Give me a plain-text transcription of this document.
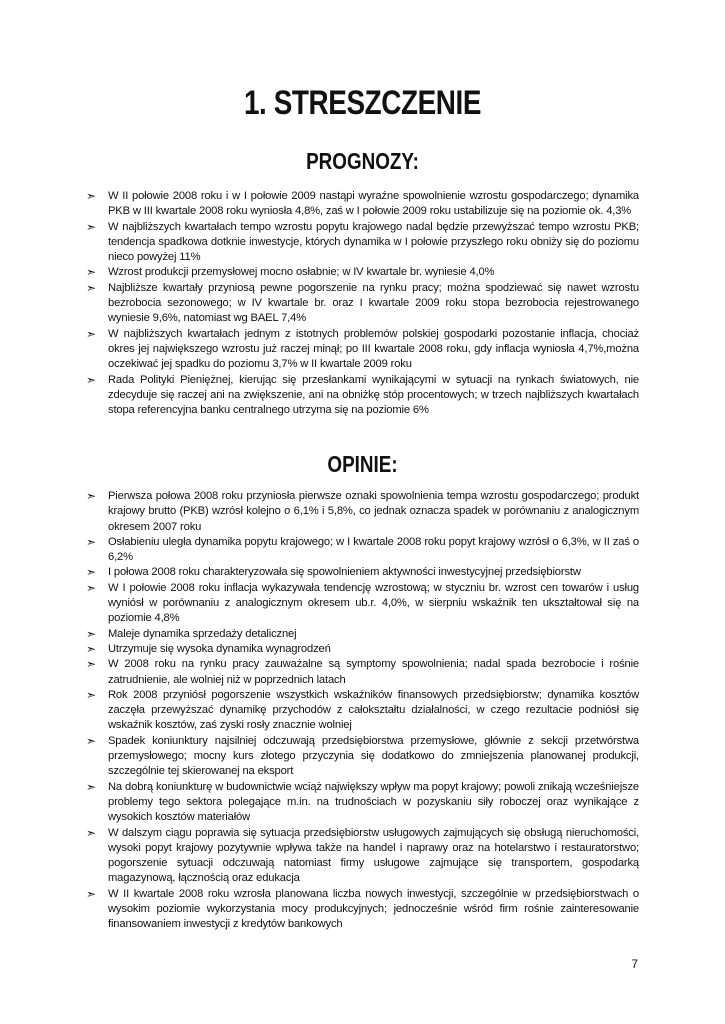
1. STRESZCZENIE
PROGNOZY:
➣ W II połowie 2008 roku i w I połowie 2009 nastąpi wyraźne spowolnienie wzrostu gospodarczego; dynamika PKB w III kwartale 2008 roku wyniosła 4,8%, zaś w I połowie 2009 roku ustabilizuje się na poziomie ok. 4,3%
➣ W najbliższych kwartałach tempo wzrostu popytu krajowego nadal będzie przewyższać tempo wzrostu PKB; tendencja spadkowa dotknie inwestycje, których dynamika w I połowie przyszłego roku obniży się do poziomu nieco powyżej 11%
➣ Wzrost produkcji przemysłowej mocno osłabnie; w IV kwartale br. wyniesie 4,0%
➣ Najbliższe kwartały przyniosą pewne pogorszenie na rynku pracy; można spodziewać się nawet wzrostu bezrobocia sezonowego; w IV kwartale br. oraz I kwartale 2009 roku stopa bezrobocia rejestrowanego wyniesie 9,6%, natomiast wg BAEL 7,4%
➣ W najbliższych kwartałach jednym z istotnych problemów polskiej gospodarki pozostanie inflacja, chociaż okres jej największego wzrostu już raczej minął; po III kwartale 2008 roku, gdy inflacja wyniosła 4,7%,można oczekiwać jej spadku do poziomu 3,7% w II kwartale 2009 roku
➣ Rada Polityki Pieniężnej, kierując się przesłankami wynikającymi w sytuacji na rynkach światowych, nie zdecyduje się raczej ani na zwiększenie, ani na obniżkę stóp procentowych; w trzech najbliższych kwartałach stopa referencyjna banku centralnego utrzyma się na poziomie 6%
OPINIE:
➣ Pierwsza połowa 2008 roku przyniosła pierwsze oznaki spowolnienia tempa wzrostu gospodarczego; produkt krajowy brutto (PKB) wzrósł kolejno o 6,1% i 5,8%, co jednak oznacza spadek w porównaniu z analogicznym okresem 2007 roku
➣ Osłabieniu uległa dynamika popytu krajowego; w I kwartale 2008 roku popyt krajowy wzrósł o 6,3%, w II zaś o 6,2%
➣ I połowa 2008 roku charakteryzowała się spowolnieniem aktywności inwestycyjnej przedsiębiorstw
➣ W I połowie 2008 roku inflacja wykazywała tendencję wzrostową; w styczniu br. wzrost cen towarów i usług wyniósł w porównaniu z analogicznym okresem ub.r. 4,0%, w sierpniu wskaźnik ten ukształtował się na poziomie 4,8%
➣ Maleje dynamika sprzedaży detalicznej
➣ Utrzymuje się wysoka dynamika wynagrodzeń
➣ W 2008 roku na rynku pracy zauważalne są symptomy spowolnienia; nadal spada bezrobocie i rośnie zatrudnienie, ale wolniej niż w poprzednich latach
➣ Rok 2008 przyniósł pogorszenie wszystkich wskaźników finansowych przedsiębiorstw; dynamika kosztów zaczęła przewyższać dynamikę przychodów z całokształtu działalności, w czego rezultacie podniósł się wskaźnik kosztów, zaś zyski rosły znacznie wolniej
➣ Spadek koniunktury najsilniej odczuwają przedsiębiorstwa przemysłowe, głównie z sekcji przetwórstwa przemysłowego; mocny kurs złotego przyczynia się dodatkowo do zmniejszenia planowanej produkcji, szczególnie tej skierowanej na eksport
➣ Na dobrą koniunkturę w budownictwie wciąż największy wpływ ma popyt krajowy; powoli znikają wcześniejsze problemy tego sektora polegające m.in. na trudnościach w pozyskaniu siły roboczej oraz wynikające z wysokich kosztów materiałów
➣ W dalszym ciągu poprawia się sytuacja przedsiębiorstw usługowych zajmujących się obsługą nieruchomości, wysoki popyt krajowy pozytywnie wpływa także na handel i naprawy oraz na hotelarstwo i restauratorstwo; pogorszenie sytuacji odczuwają natomiast firmy usługowe zajmujące się transportem, gospodarką magazynową, łącznością oraz edukacja
➣ W II kwartale 2008 roku wzrosła planowana liczba nowych inwestycji, szczególnie w przedsiębiorstwach o wysokim poziomie wykorzystania mocy produkcyjnych; jednocześnie wśród firm rośnie zainteresowanie finansowaniem inwestycji z kredytów bankowych
7
